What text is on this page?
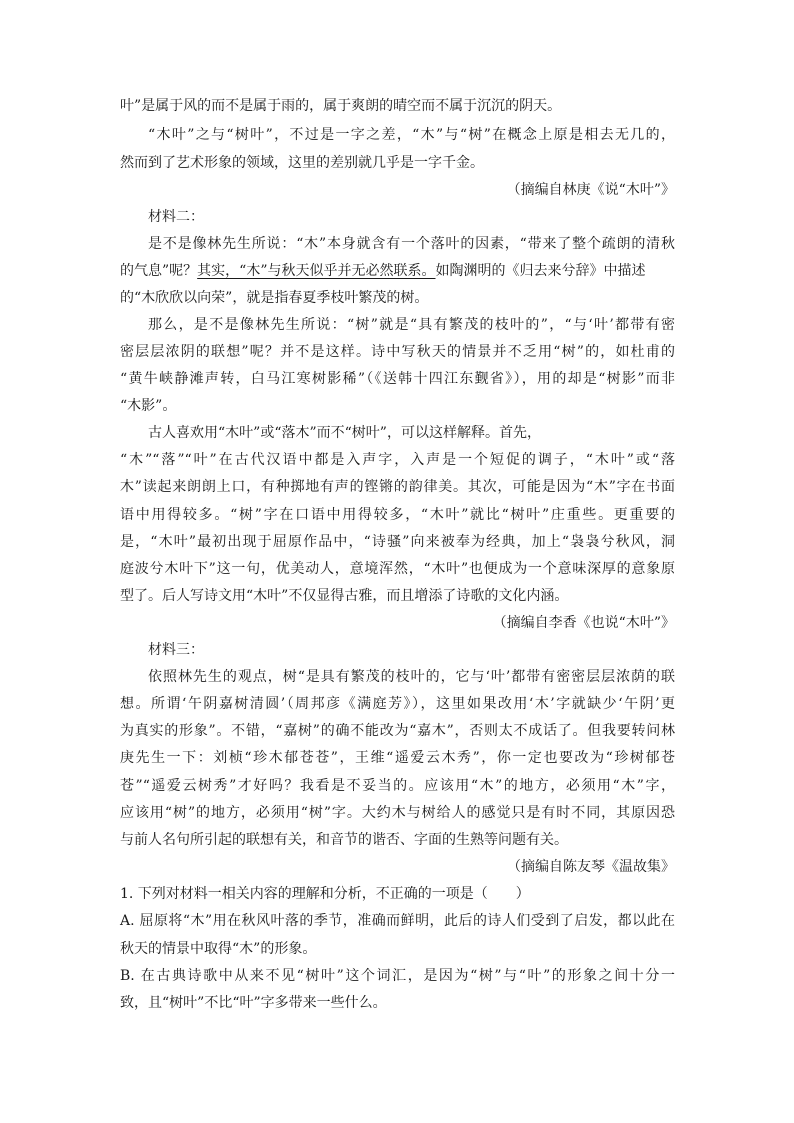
叶”是属于风的而不是属于雨的，属于爽朗的晴空而不属于沉沉的阴天。
“木叶”之与“树叶”，不过是一字之差，“木”与“树”在概念上原是相去无几的，
然而到了艺术形象的领域，这里的差别就几乎是一字千金。
（摘编自林庚《说“木叶”》
材料二：
是不是像林先生所说：“木”本身就含有一个落叶的因素，“带来了整个疏朗的清秋
的气息”呢？其实，“木”与秋天似乎并无必然联系。如陶渊明的《归去来兮辞》中描述
的“木欣欣以向荣”，就是指春夏季枝叶繁茂的树。
那么，是不是像林先生所说：“树”就是“具有繁茂的枝叶的”，“与‘叶’都带有密
密层层浓阴的联想”呢？并不是这样。诗中写秋天的情景并不乏用“树”的，如杜甫的
“黄牛峡静滩声转，白马江寒树影稀”（《送韩十四江东觐省》），用的却是“树影”而非
“木影”。
古人喜欢用“木叶”或“落木”而不“树叶”，可以这样解释。首先，
“木”“落”“叶”在古代汉语中都是入声字，入声是一个短促的调子，“木叶”或“落
木”读起来朗朗上口，有种掷地有声的铿锵的韵律美。其次，可能是因为“木”字在书面
语中用得较多。“树”字在口语中用得较多，“木叶”就比“树叶”庄重些。更重要的
是，“木叶”最初出现于屈原作品中，“诗骚”向来被奉为经典，加上“袅袅兮秋风，洞
庭波兮木叶下”这一句，优美动人，意境浑然，“木叶”也便成为一个意味深厚的意象原
型了。后人写诗文用“木叶”不仅显得古雅，而且增添了诗歌的文化内涵。
（摘编自李香《也说“木叶”》
材料三：
依照林先生的观点，树“是具有繁茂的枝叶的，它与‘叶’都带有密密层层浓荫的联
想。所谓‘午阴嘉树清圆’（周邦彦《满庭芳》），这里如果改用‘木’字就缺少‘午阴’更
为真实的形象”。不错，“嘉树”的确不能改为“嘉木”，否则太不成话了。但我要转问林
庚先生一下：刘桢“珍木郁苍苍”，王维“遥爱云木秀”，你一定也要改为“珍树郁苍
苍”“遥爱云树秀”才好吗？我看是不妥当的。应该用“木”的地方，必须用“木”字，
应该用“树”的地方，必须用“树”字。大约木与树给人的感觉只是有时不同，其原因恐
与前人名句所引起的联想有关，和音节的谐否、字面的生熟等问题有关。
（摘编自陈友琴《温故集》
1. 下列对材料一相关内容的理解和分析，不正确的一项是（　　）
A. 屈原将“木”用在秋风叶落的季节，准确而鲜明，此后的诗人们受到了启发，都以此在
秋天的情景中取得“木”的形象。
B. 在古典诗歌中从来不见“树叶”这个词汇，是因为“树”与“叶”的形象之间十分一
致，且“树叶”不比“叶”字多带来一些什么。
